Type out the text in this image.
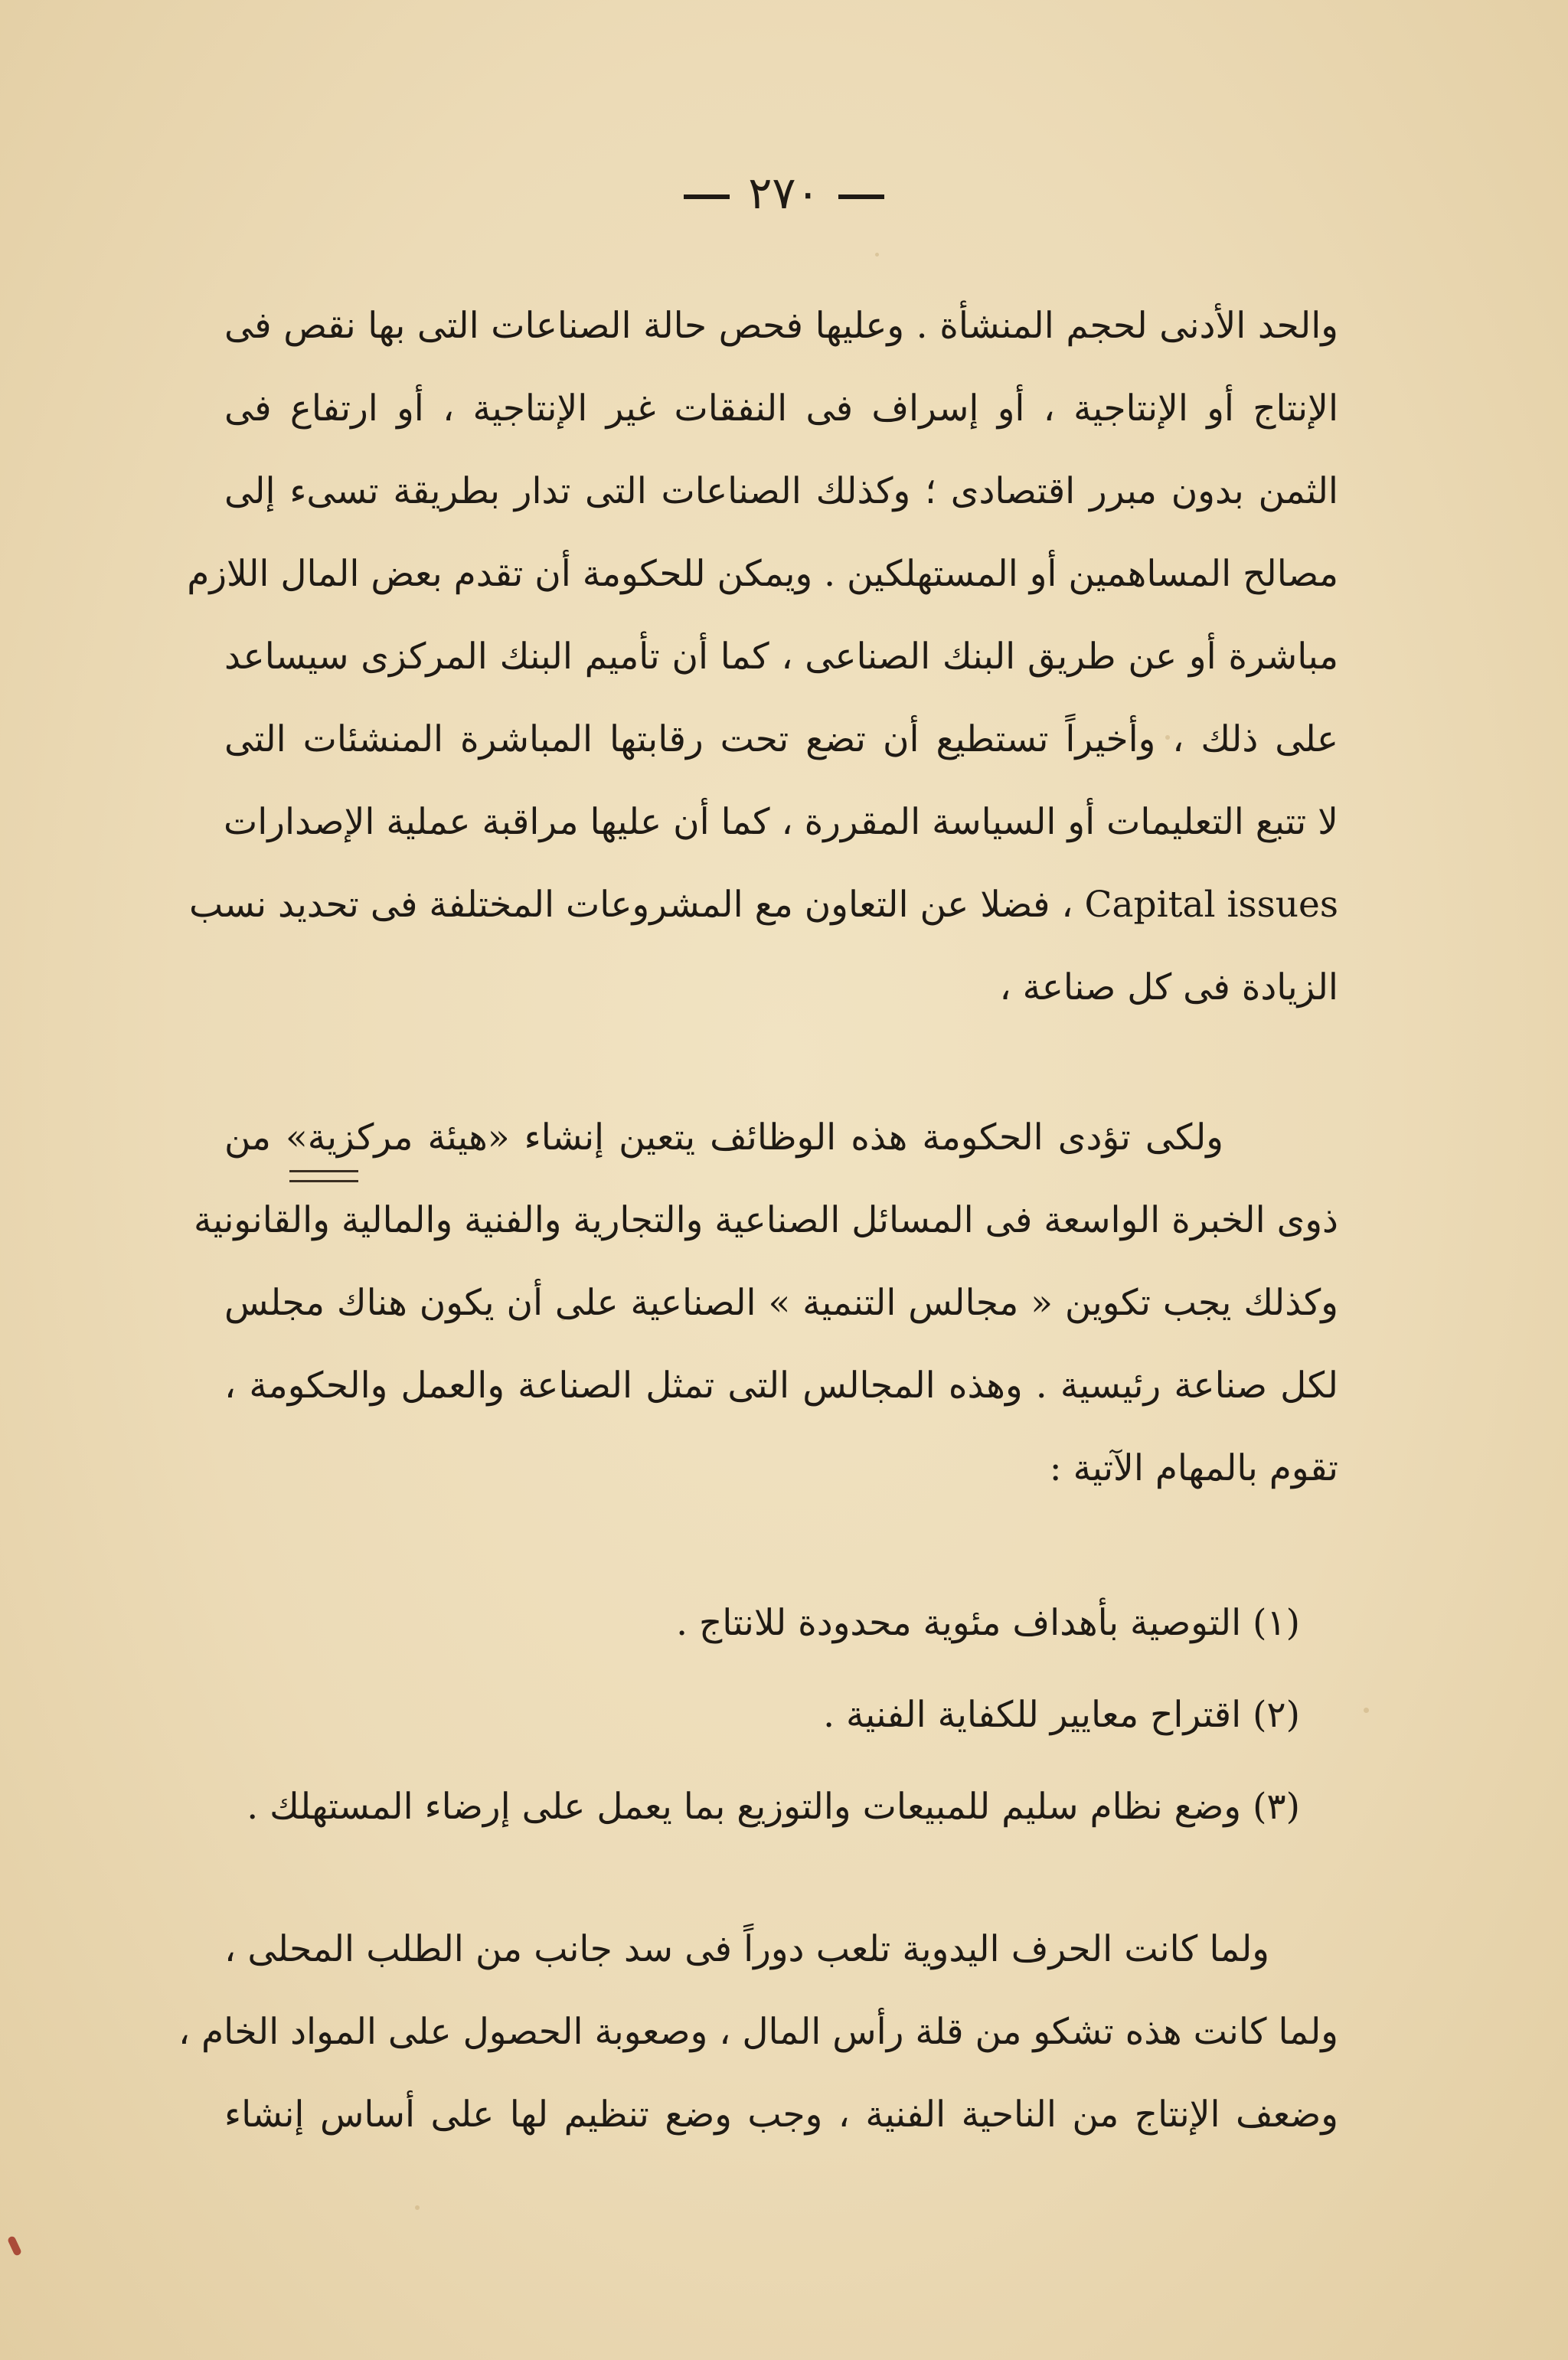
٢٧٠

والحد الأدنى لحجم المنشأة . وعليها فحص حالة الصناعات التى بها نقص فى

الإنتاج أو الإنتاجية ، أو إسراف فى النفقات غير الإنتاجية ، أو ارتفاع فى

الثمن بدون مبرر اقتصادى ؛ وكذلك الصناعات التى تدار بطريقة تسىء إلى

مصالح المساهمين أو المستهلكين . ويمكن للحكومة أن تقدم بعض المال اللازم

مباشرة أو عن طريق البنك الصناعى ، كما أن تأميم البنك المركزى سيساعد

على ذلك ، وأخيراً تستطيع أن تضع تحت رقابتها المباشرة المنشئات التى

لا تتبع التعليمات أو السياسة المقررة ، كما أن عليها مراقبة عملية الإصدارات

Capital issues ، فضلا عن التعاون مع المشروعات المختلفة فى تحديد نسب

الزيادة فى كل صناعة ،

ولكى تؤدى الحكومة هذه الوظائف يتعين إنشاء «هيئة مركزية» من

ذوى الخبرة الواسعة فى المسائل الصناعية والتجارية والفنية والمالية والقانونية

وكذلك يجب تكوين « مجالس التنمية » الصناعية على أن يكون هناك مجلس

لكل صناعة رئيسية . وهذه المجالس التى تمثل الصناعة والعمل والحكومة ،

تقوم بالمهام الآتية :

(١) التوصية بأهداف مئوية محدودة للانتاج .
(٢) اقتراح معايير للكفاية الفنية .
(٣) وضع نظام سليم للمبيعات والتوزيع بما يعمل على إرضاء المستهلك .

ولما كانت الحرف اليدوية تلعب دوراً فى سد جانب من الطلب المحلى ،

ولما كانت هذه تشكو من قلة رأس المال ، وصعوبة الحصول على المواد الخام ،

وضعف الإنتاج من الناحية الفنية ، وجب وضع تنظيم لها على أساس إنشاء
